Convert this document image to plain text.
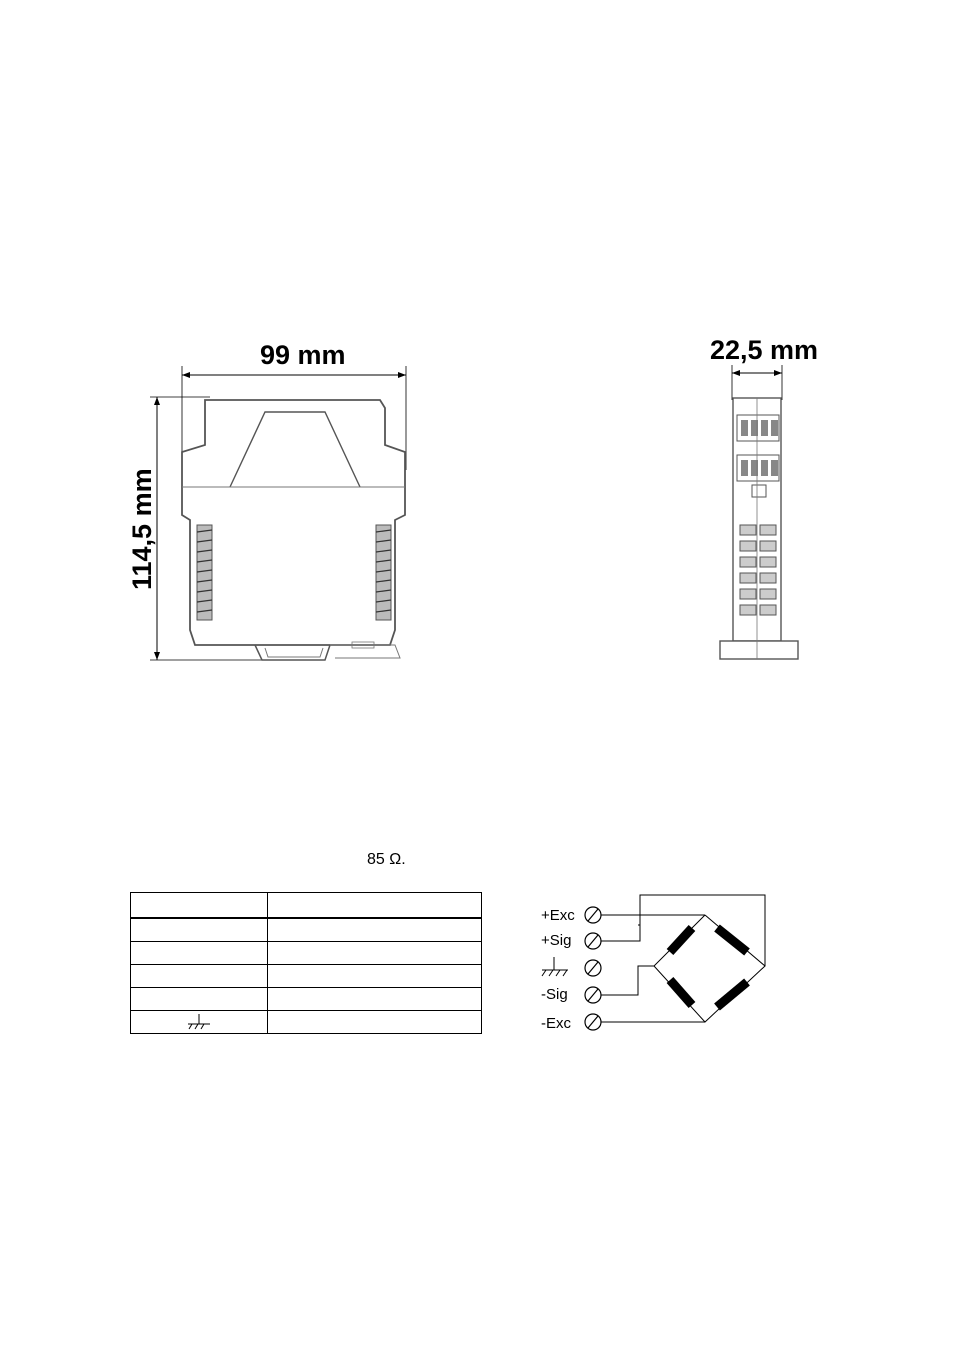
99 mm
114,5 mm
22,5 mm
85 Ω.

+Exc
+Sig
-Sig
-Exc
